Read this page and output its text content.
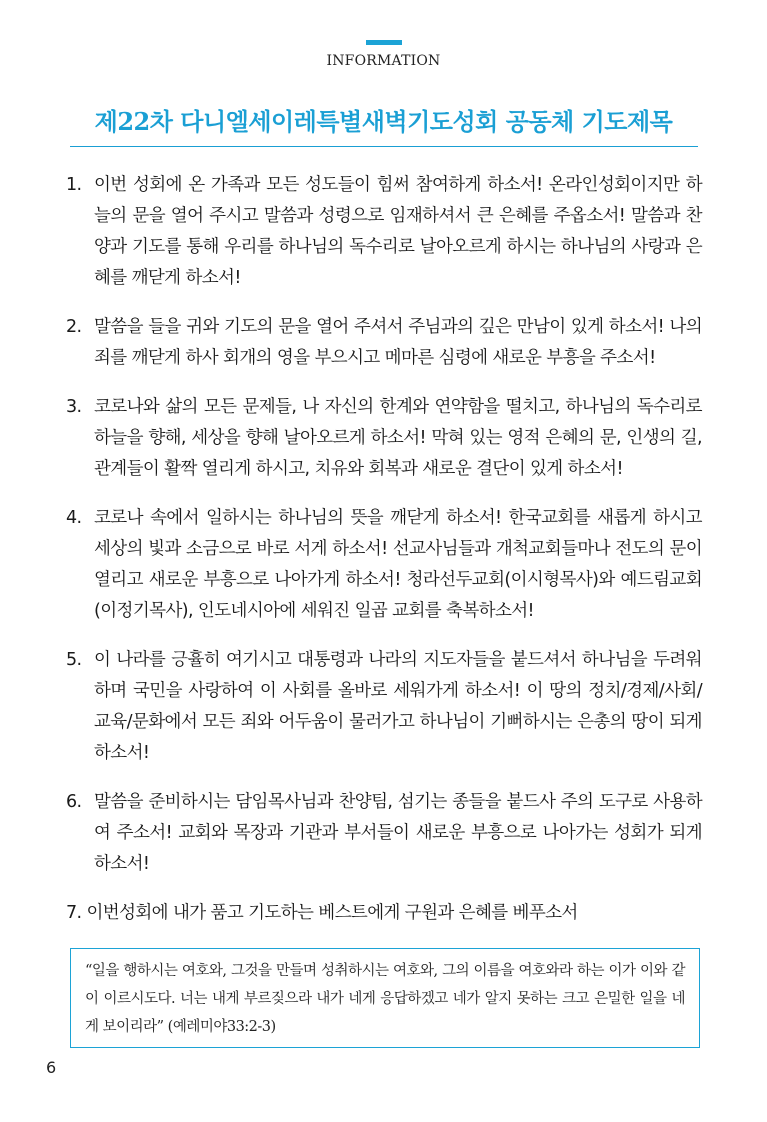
INFORMATION
제22차 다니엘세이레특별새벽기도성회 공동체 기도제목
1. 이번 성회에 온 가족과 모든 성도들이 힘써 참여하게 하소서! 온라인성회이지만 하늘의 문을 열어 주시고 말씀과 성령으로 임재하셔서 큰 은혜를 주옵소서! 말씀과 찬양과 기도를 통해 우리를 하나님의 독수리로 날아오르게 하시는 하나님의 사랑과 은혜를 깨닫게 하소서!
2. 말씀을 들을 귀와 기도의 문을 열어 주셔서 주님과의 깊은 만남이 있게 하소서! 나의 죄를 깨닫게 하사 회개의 영을 부으시고 메마른 심령에 새로운 부흥을 주소서!
3. 코로나와 삶의 모든 문제들, 나 자신의 한계와 연약함을 떨치고, 하나님의 독수리로 하늘을 향해, 세상을 향해 날아오르게 하소서! 막혀 있는 영적 은혜의 문, 인생의 길, 관계들이 활짝 열리게 하시고, 치유와 회복과 새로운 결단이 있게 하소서!
4. 코로나 속에서 일하시는 하나님의 뜻을 깨닫게 하소서! 한국교회를 새롭게 하시고 세상의 빛과 소금으로 바로 서게 하소서! 선교사님들과 개척교회들마나 전도의 문이 열리고 새로운 부흥으로 나아가게 하소서! 청라선두교회(이시형목사)와 예드림교회(이정기목사), 인도네시아에 세워진 일곱 교회를 축복하소서!
5. 이 나라를 긍휼히 여기시고 대통령과 나라의 지도자들을 붙드셔서 하나님을 두려워하며 국민을 사랑하여 이 사회를 올바로 세워가게 하소서! 이 땅의 정치/경제/사회/교육/문화에서 모든 죄와 어두움이 물러가고 하나님이 기뻐하시는 은총의 땅이 되게 하소서!
6. 말씀을 준비하시는 담임목사님과 찬양팀, 섬기는 종들을 붙드사 주의 도구로 사용하여 주소서! 교회와 목장과 기관과 부서들이 새로운 부흥으로 나아가는 성회가 되게 하소서!
7. 이번성회에 내가 품고 기도하는 베스트에게 구원과 은혜를 베푸소서
“일을 행하시는 여호와, 그것을 만들며 성취하시는 여호와, 그의 이름을 여호와라 하는 이가 이와 같이 이르시도다. 너는 내게 부르짖으라 내가 네게 응답하겠고 네가 알지 못하는 크고 은밀한 일을 네게 보이리라” (예레미야33:2-3)
6
